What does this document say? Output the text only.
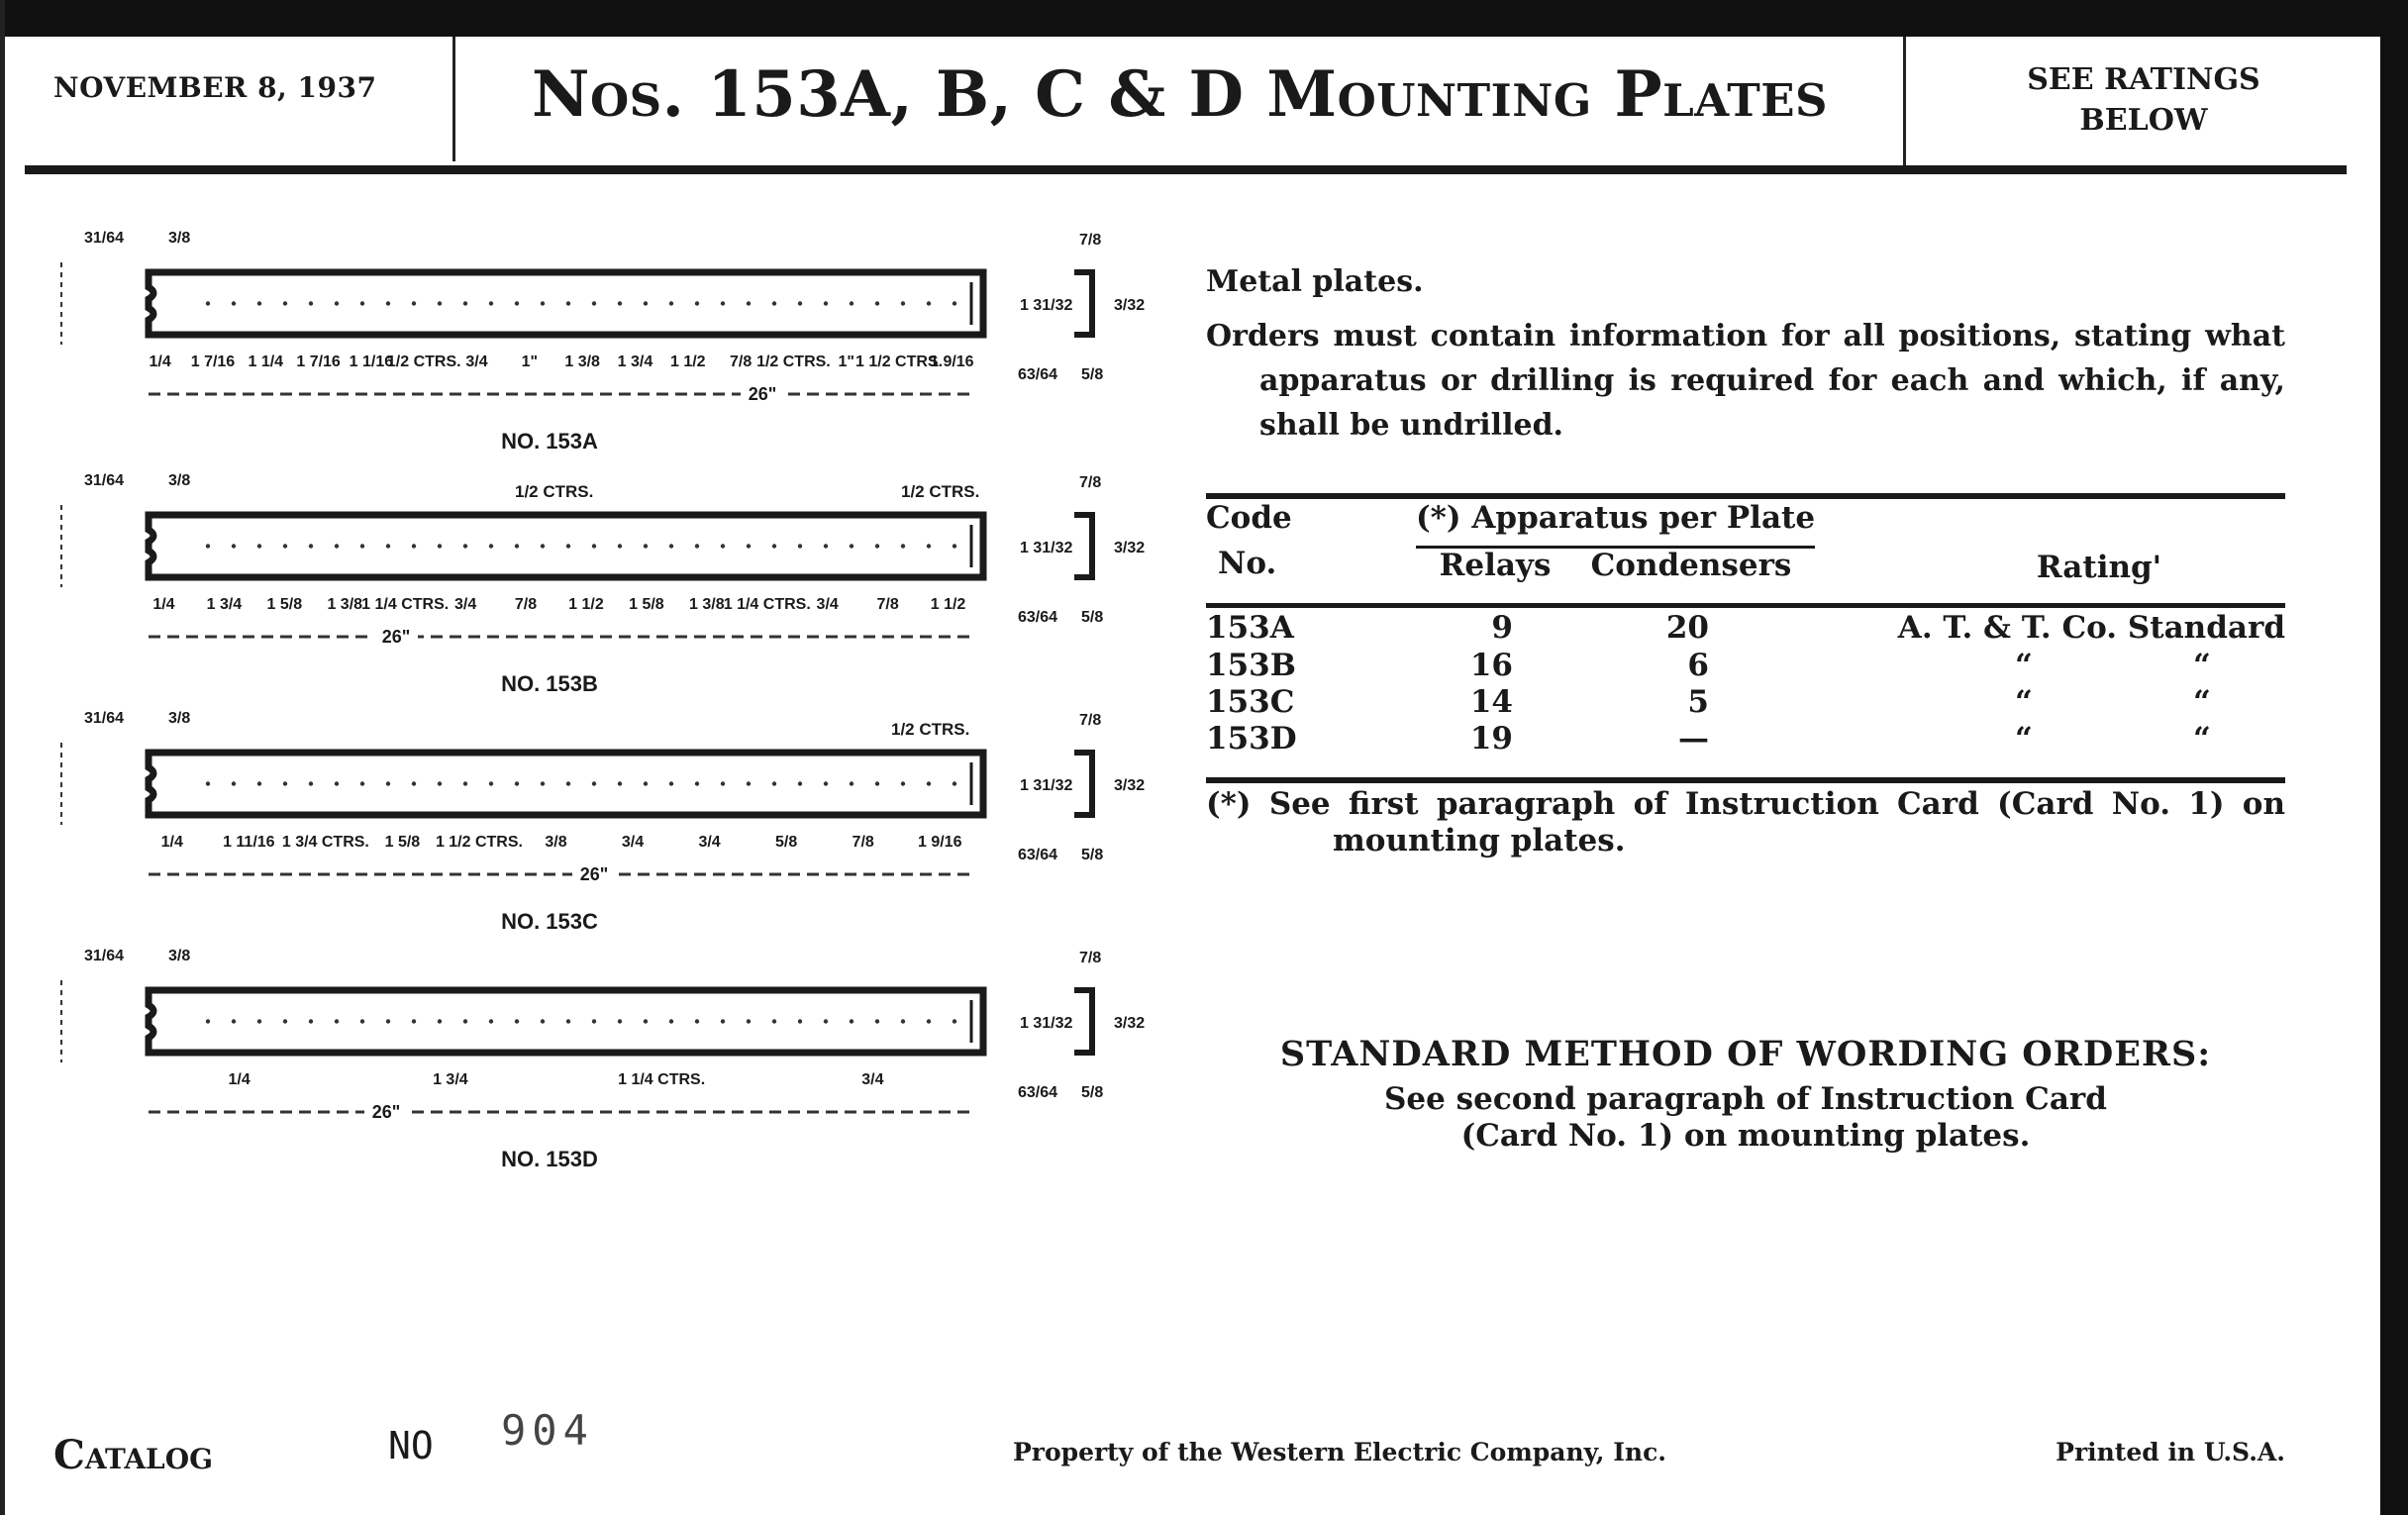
NOVEMBER 8, 1937	Nos. 153A, B, C & D Mounting Plates	SEE RATINGS
BELOW
31/64	3/8	7/8
1 31/32	3/32
63/64 5/8
1/4 1 7/16 1 1/4 1 7/16 1 1/16
1/2 CTRS. 3/4 1" 1 3/8 1 3/4 1 1/2 7/8 1/2 CTRS. 1" 1 1/2 CTRS.
1 9/16
26"
NO. 153A
31/64	3/8	7/8
1 31/32	3/32
63/64 5/8
1/2 CTRS.	1/2 CTRS.
1/4 1 3/4 1 5/8 1 3/8 1 1/4 CTRS. 3/4 7/8 1 1/2 1 5/8 1 3/8 1 1/4 CTRS. 3/4 7/8 1 1/2
26"
NO. 153B
31/64	3/8	7/8
1 31/32	3/32
63/64 5/8
1/2 CTRS.
1/4	1 11/16 1 3/4 CTRS. 1 5/8 1 1/2 CTRS. 3/8	3/4	3/4	5/8	7/8	1 9/16
26"
NO. 153C
31/64	3/8	7/8
1 31/32	3/32
63/64 5/8
1/4	1 3/4	1 1/4 CTRS.	3/4
26"
NO. 153D
Metal plates.
Orders must contain information for all positions, stating what
apparatus or drilling is required for each and which, if any,
shall be undrilled.
Code
No.
(*) Apparatus per Plate
Relays	Condensers	Rating'
153A	9	20	A. T. & T. Co. Standard
153B	16	6	“	“
153C	14	5	“	“
153D	19	—	“	“
(*) See first paragraph of Instruction Card (Card No. 1) on
mounting plates.
STANDARD METHOD OF WORDING ORDERS:
See second paragraph of Instruction Card
(Card No. 1) on mounting plates.
Catalog	NO 904	Property of the Western Electric Company, Inc.	Printed in U.S.A.
